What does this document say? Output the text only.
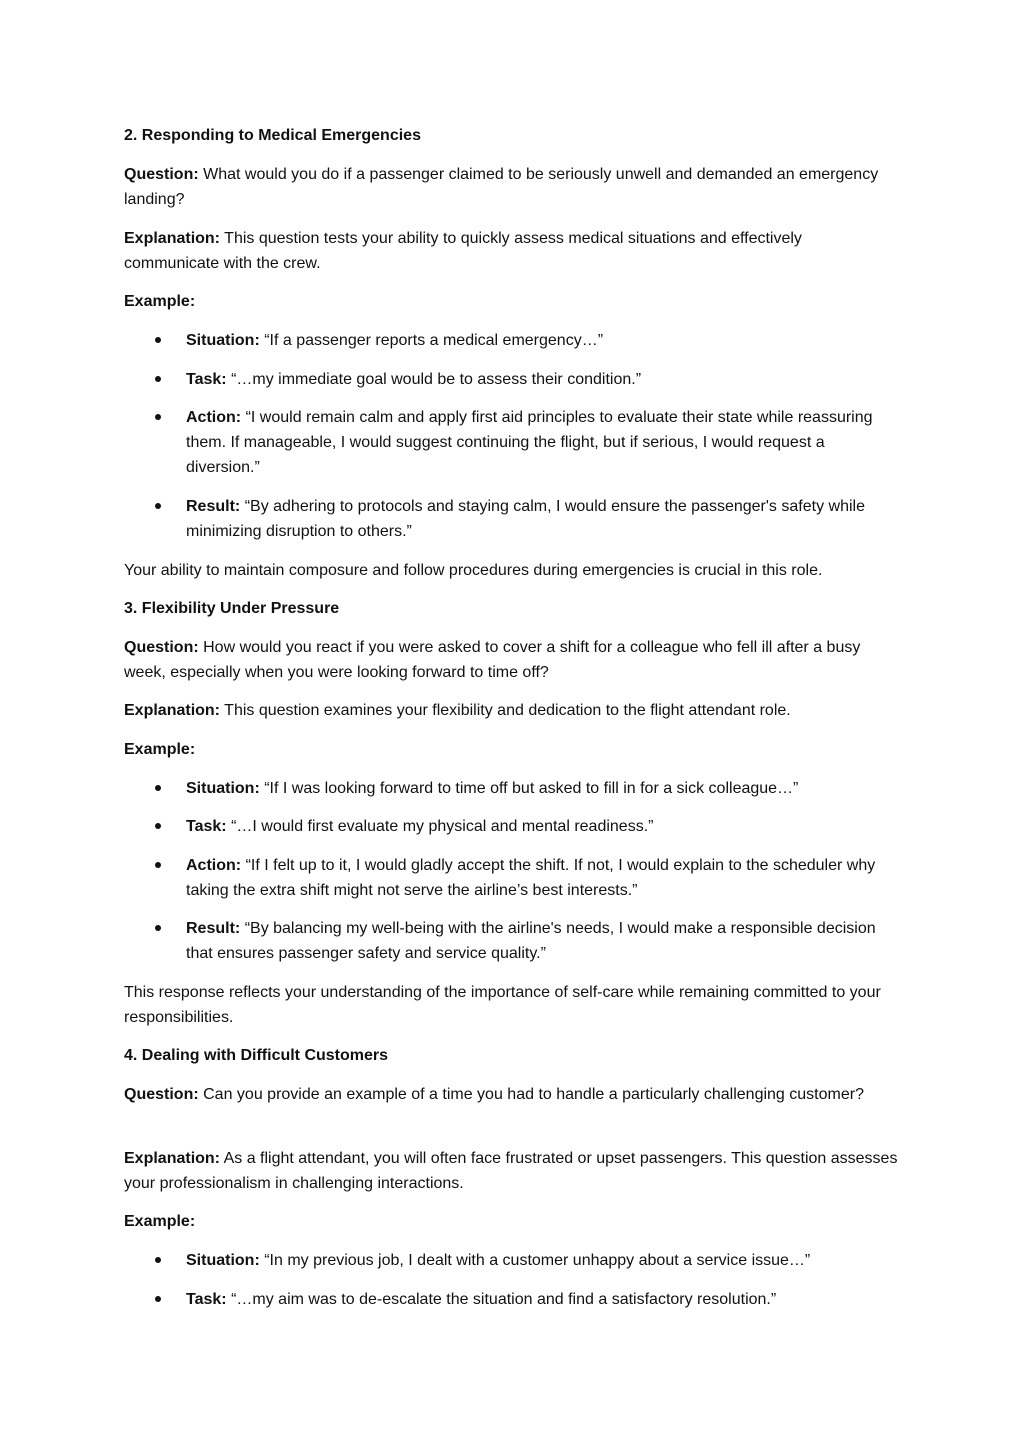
2. Responding to Medical Emergencies
Question: What would you do if a passenger claimed to be seriously unwell and demanded an emergency landing?
Explanation: This question tests your ability to quickly assess medical situations and effectively communicate with the crew.
Example:
Situation: “If a passenger reports a medical emergency…”
Task: “…my immediate goal would be to assess their condition.”
Action: “I would remain calm and apply first aid principles to evaluate their state while reassuring them. If manageable, I would suggest continuing the flight, but if serious, I would request a diversion.”
Result: “By adhering to protocols and staying calm, I would ensure the passenger's safety while minimizing disruption to others.”
Your ability to maintain composure and follow procedures during emergencies is crucial in this role.
3. Flexibility Under Pressure
Question: How would you react if you were asked to cover a shift for a colleague who fell ill after a busy week, especially when you were looking forward to time off?
Explanation: This question examines your flexibility and dedication to the flight attendant role.
Example:
Situation: “If I was looking forward to time off but asked to fill in for a sick colleague…”
Task: “…I would first evaluate my physical and mental readiness.”
Action: “If I felt up to it, I would gladly accept the shift. If not, I would explain to the scheduler why taking the extra shift might not serve the airline’s best interests.”
Result: “By balancing my well-being with the airline's needs, I would make a responsible decision that ensures passenger safety and service quality.”
This response reflects your understanding of the importance of self-care while remaining committed to your responsibilities.
4. Dealing with Difficult Customers
Question: Can you provide an example of a time you had to handle a particularly challenging customer?
Explanation: As a flight attendant, you will often face frustrated or upset passengers. This question assesses your professionalism in challenging interactions.
Example:
Situation: “In my previous job, I dealt with a customer unhappy about a service issue…”
Task: “…my aim was to de-escalate the situation and find a satisfactory resolution.”
